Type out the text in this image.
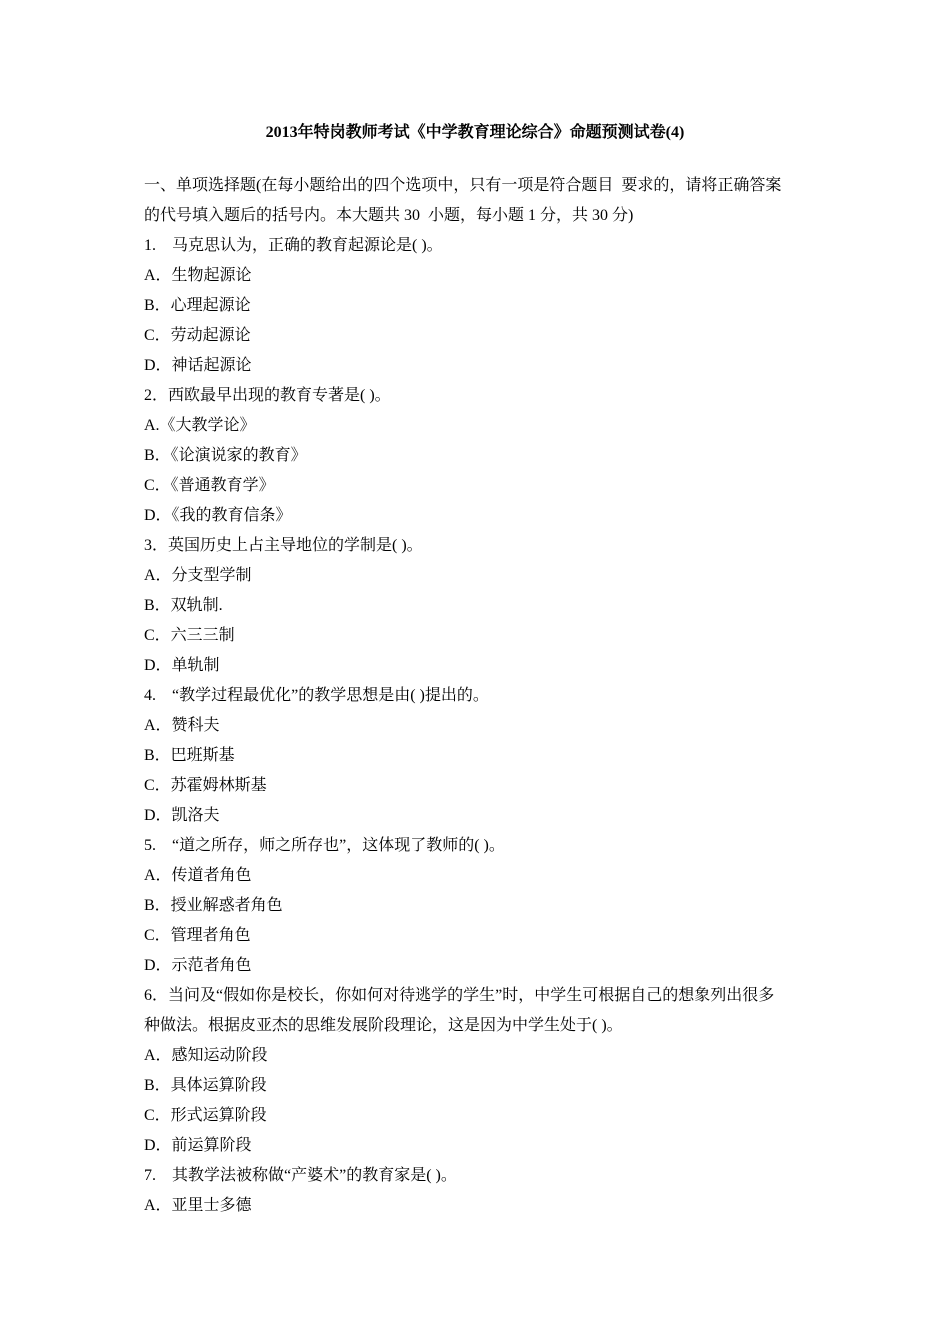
2013年特岗教师考试《中学教育理论综合》命题预测试卷(4)
一、单项选择题(在每小题给出的四个选项中，只有一项是符合题目  要求的，请将正确答案
的代号填入题后的括号内。本大题共 30  小题，每小题 1 分，共 30 分)
1.    马克思认为，正确的教育起源论是( )。
A．生物起源论
B．心理起源论
C．劳动起源论
D．神话起源论
2．西欧最早出现的教育专著是( )。
A.《大教学论》
B．《论演说家的教育》
C．《普通教育学》
D．《我的教育信条》
3．英国历史上占主导地位的学制是( )。
A．分支型学制
B．双轨制.
C．六三三制
D．单轨制
4.    “教学过程最优化”的教学思想是由( )提出的。
A．赞科夫
B．巴班斯基
C．苏霍姆林斯基
D．凯洛夫
5.    “道之所存，师之所存也”，这体现了教师的( )。
A．传道者角色
B．授业解惑者角色
C．管理者角色
D．示范者角色
6．当问及“假如你是校长，你如何对待逃学的学生”时，中学生可根据自己的想象列出很多
种做法。根据皮亚杰的思维发展阶段理论，这是因为中学生处于( )。
A．感知运动阶段
B．具体运算阶段
C．形式运算阶段
D．前运算阶段
7.    其教学法被称做“产婆术”的教育家是( )。
A．亚里士多德
